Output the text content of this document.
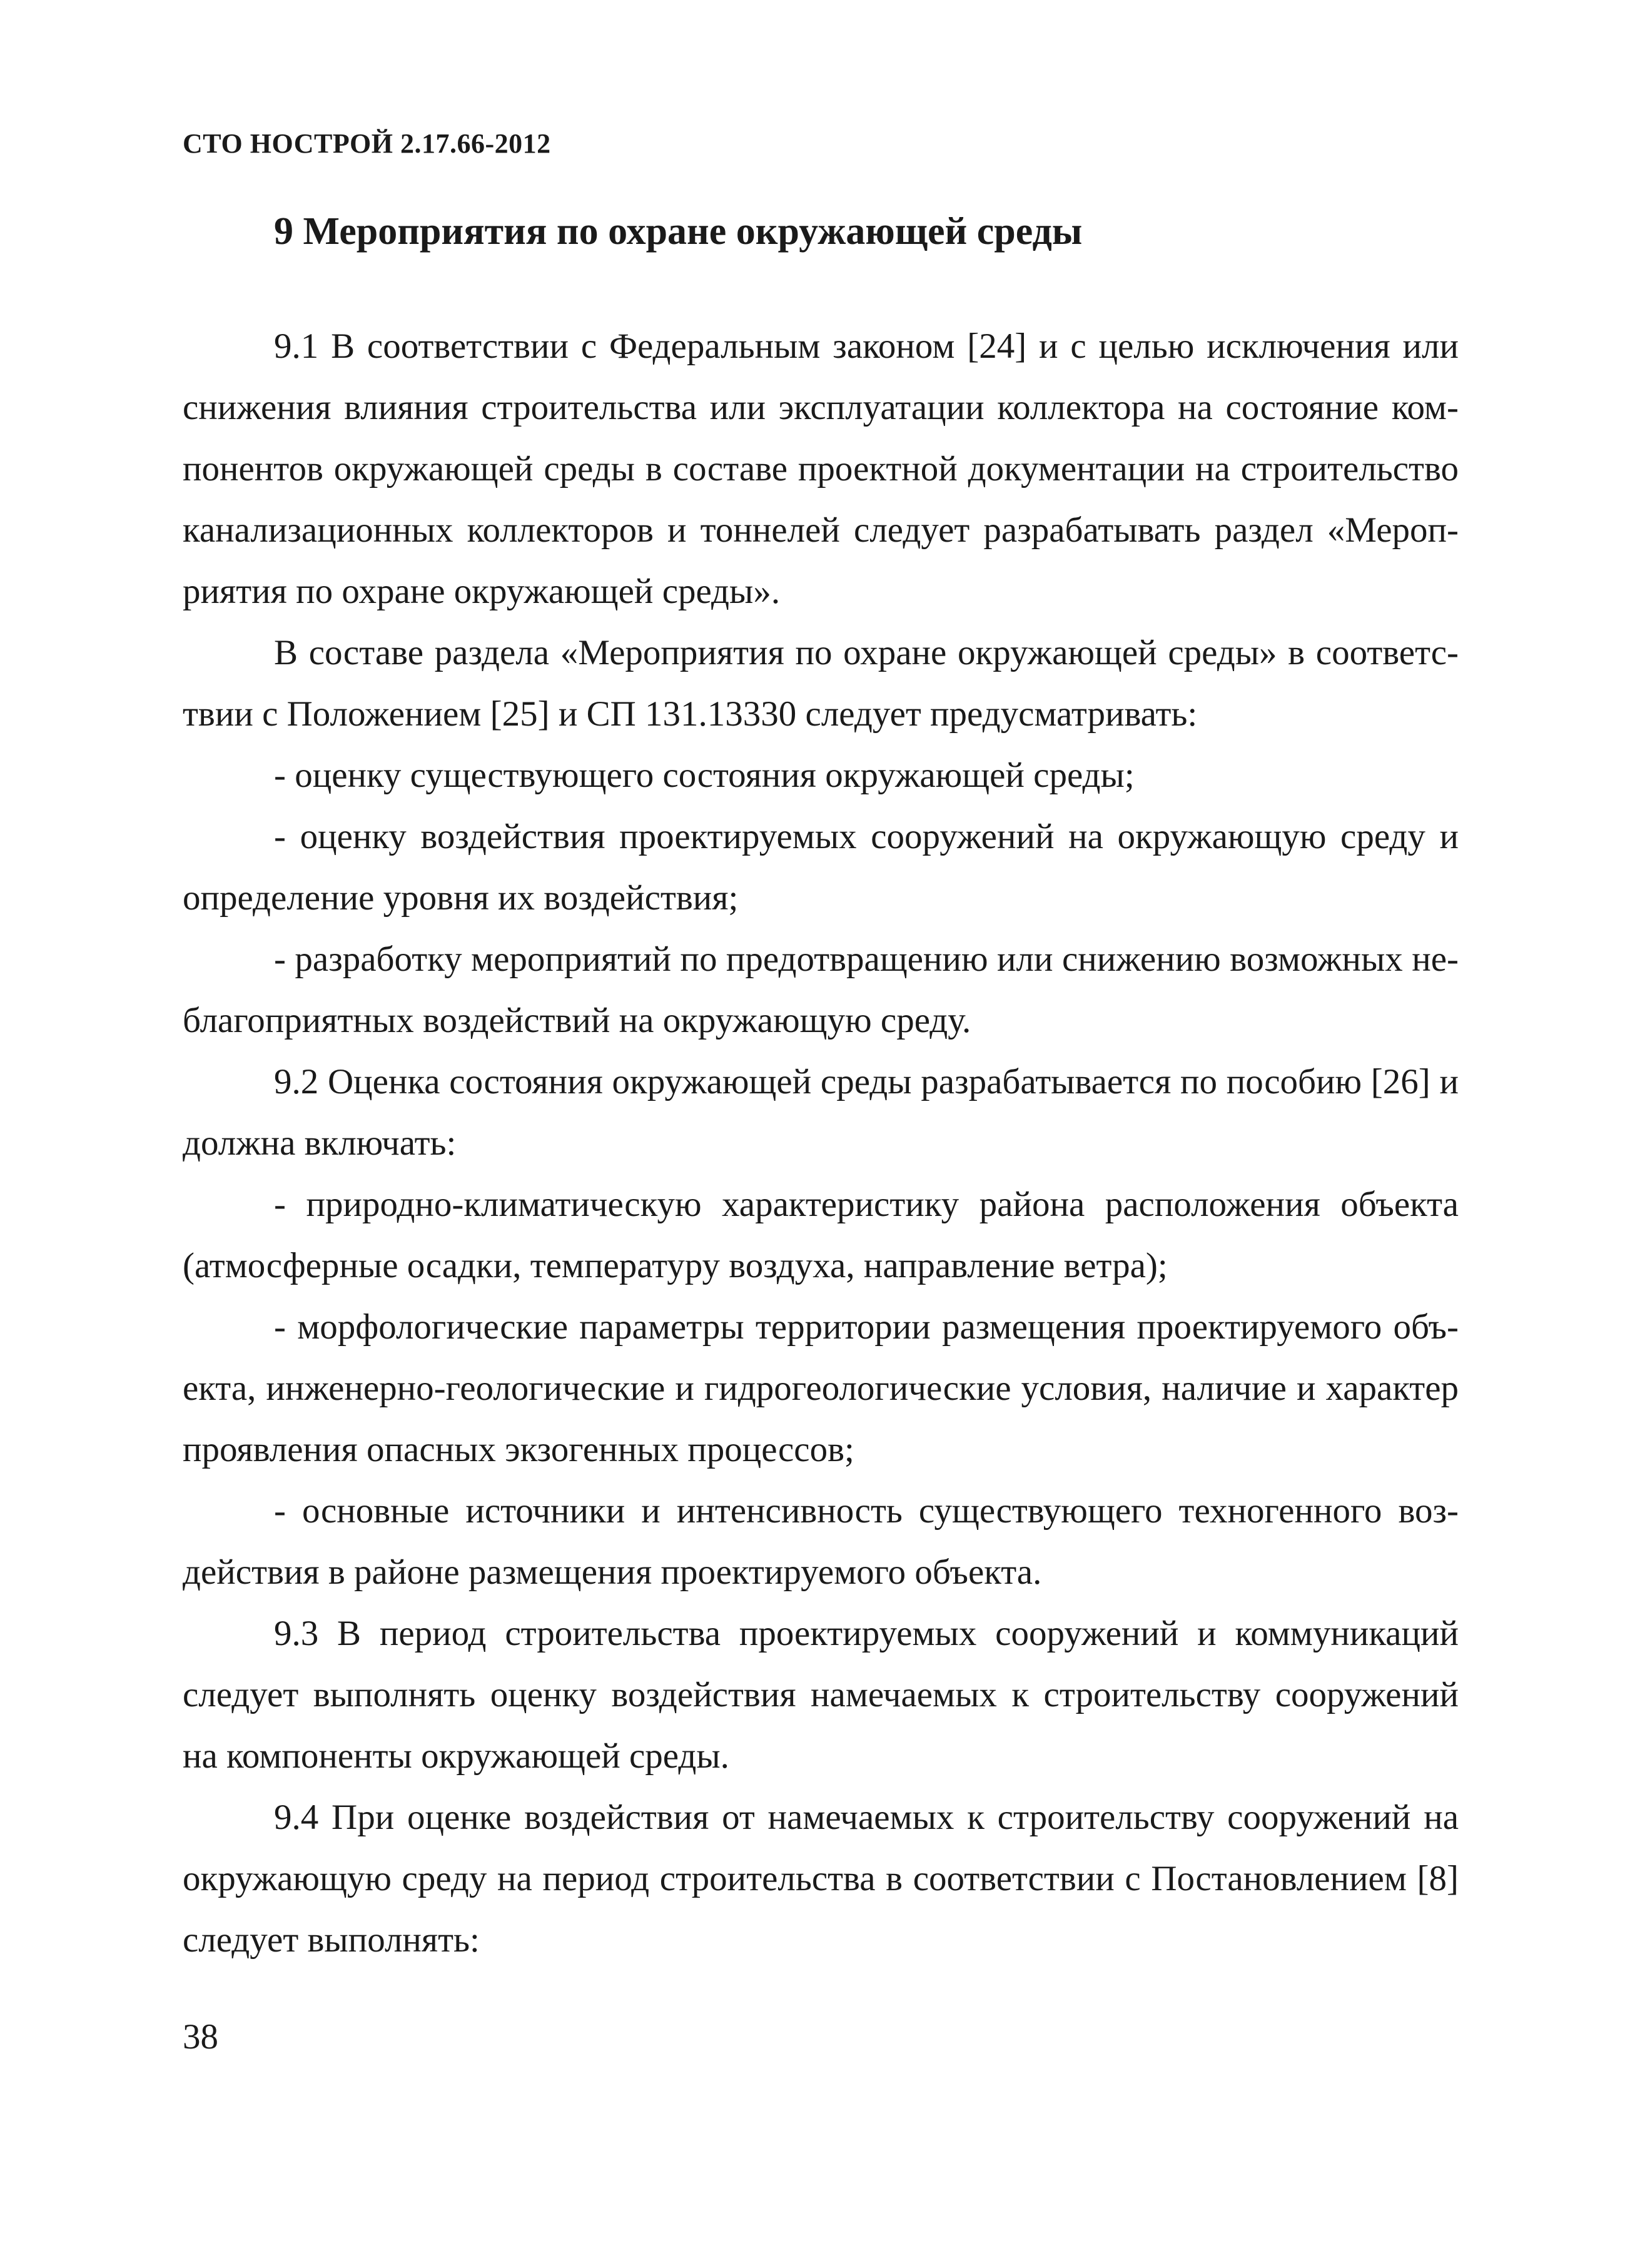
СТО НОСТРОЙ 2.17.66-2012
9 Мероприятия по охране окружающей среды

9.1 В соответствии с Федеральным законом [24] и с целью исключения или снижения влияния строительства или эксплуатации коллектора на состояние компонентов окружающей среды в составе проектной документации на строительство канализационных коллекторов и тоннелей следует разрабатывать раздел «Мероприятия по охране окружающей среды».

В составе раздела «Мероприятия по охране окружающей среды» в соответствии с Положением [25] и СП 131.13330 следует предусматривать:

- оценку существующего состояния окружающей среды;

- оценку воздействия проектируемых сооружений на окружающую среду и определение уровня их воздействия;

- разработку мероприятий по предотвращению или снижению возможных неблагоприятных воздействий на окружающую среду.

9.2 Оценка состояния окружающей среды разрабатывается по пособию [26] и должна включать:

- природно-климатическую характеристику района расположения объекта (атмосферные осадки, температуру воздуха, направление ветра);

- морфологические параметры территории размещения проектируемого объекта, инженерно-геологические и гидрогеологические условия, наличие и характер проявления опасных экзогенных процессов;

- основные источники и интенсивность существующего техногенного воздействия в районе размещения проектируемого объекта.

9.3 В период строительства проектируемых сооружений и коммуникаций следует выполнять оценку воздействия намечаемых к строительству сооружений на компоненты окружающей среды.

9.4 При оценке воздействия от намечаемых к строительству сооружений на окружающую среду на период строительства в соответствии с Постановлением [8] следует выполнять:

38
